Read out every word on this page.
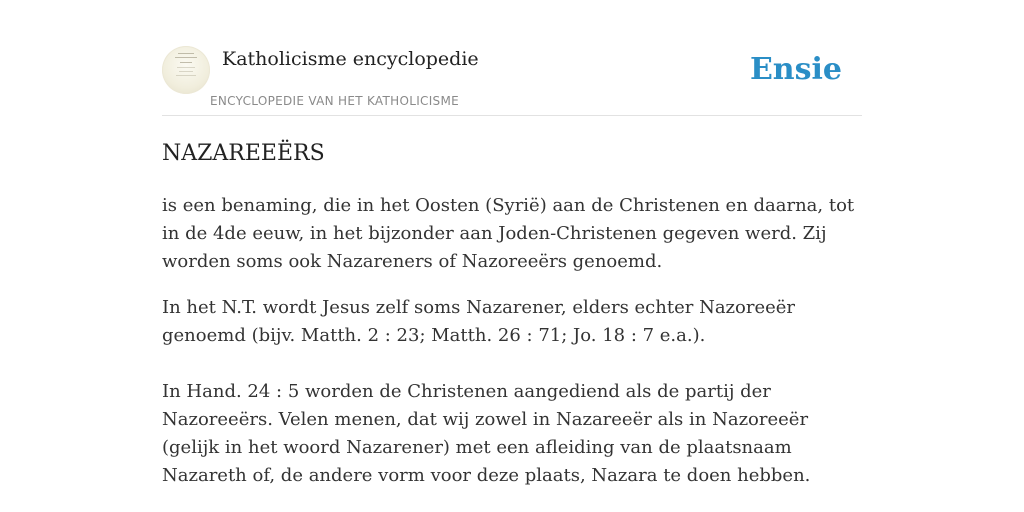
Katholicisme encyclopedie
ENCYCLOPEDIE VAN HET KATHOLICISME
Ensie
NAZAREEËRS

is een benaming, die in het Oosten (Syrië) aan de Christenen en daarna, tot in de 4de eeuw, in het bijzonder aan Joden-Christenen gegeven werd. Zij worden soms ook Nazareners of Nazoreeërs genoemd.

In het N.T. wordt Jesus zelf soms Nazarener, elders echter Nazoreeër genoemd (bijv. Matth. 2 : 23; Matth. 26 : 71; Jo. 18 : 7 e.a.).

In Hand. 24 : 5 worden de Christenen aangediend als de partij der Nazoreeërs. Velen menen, dat wij zowel in Nazareeër als in Nazoreeër (gelijk in het woord Nazarener) met een afleiding van de plaatsnaam Nazareth of, de andere vorm voor deze plaats, Nazara te doen hebben.
